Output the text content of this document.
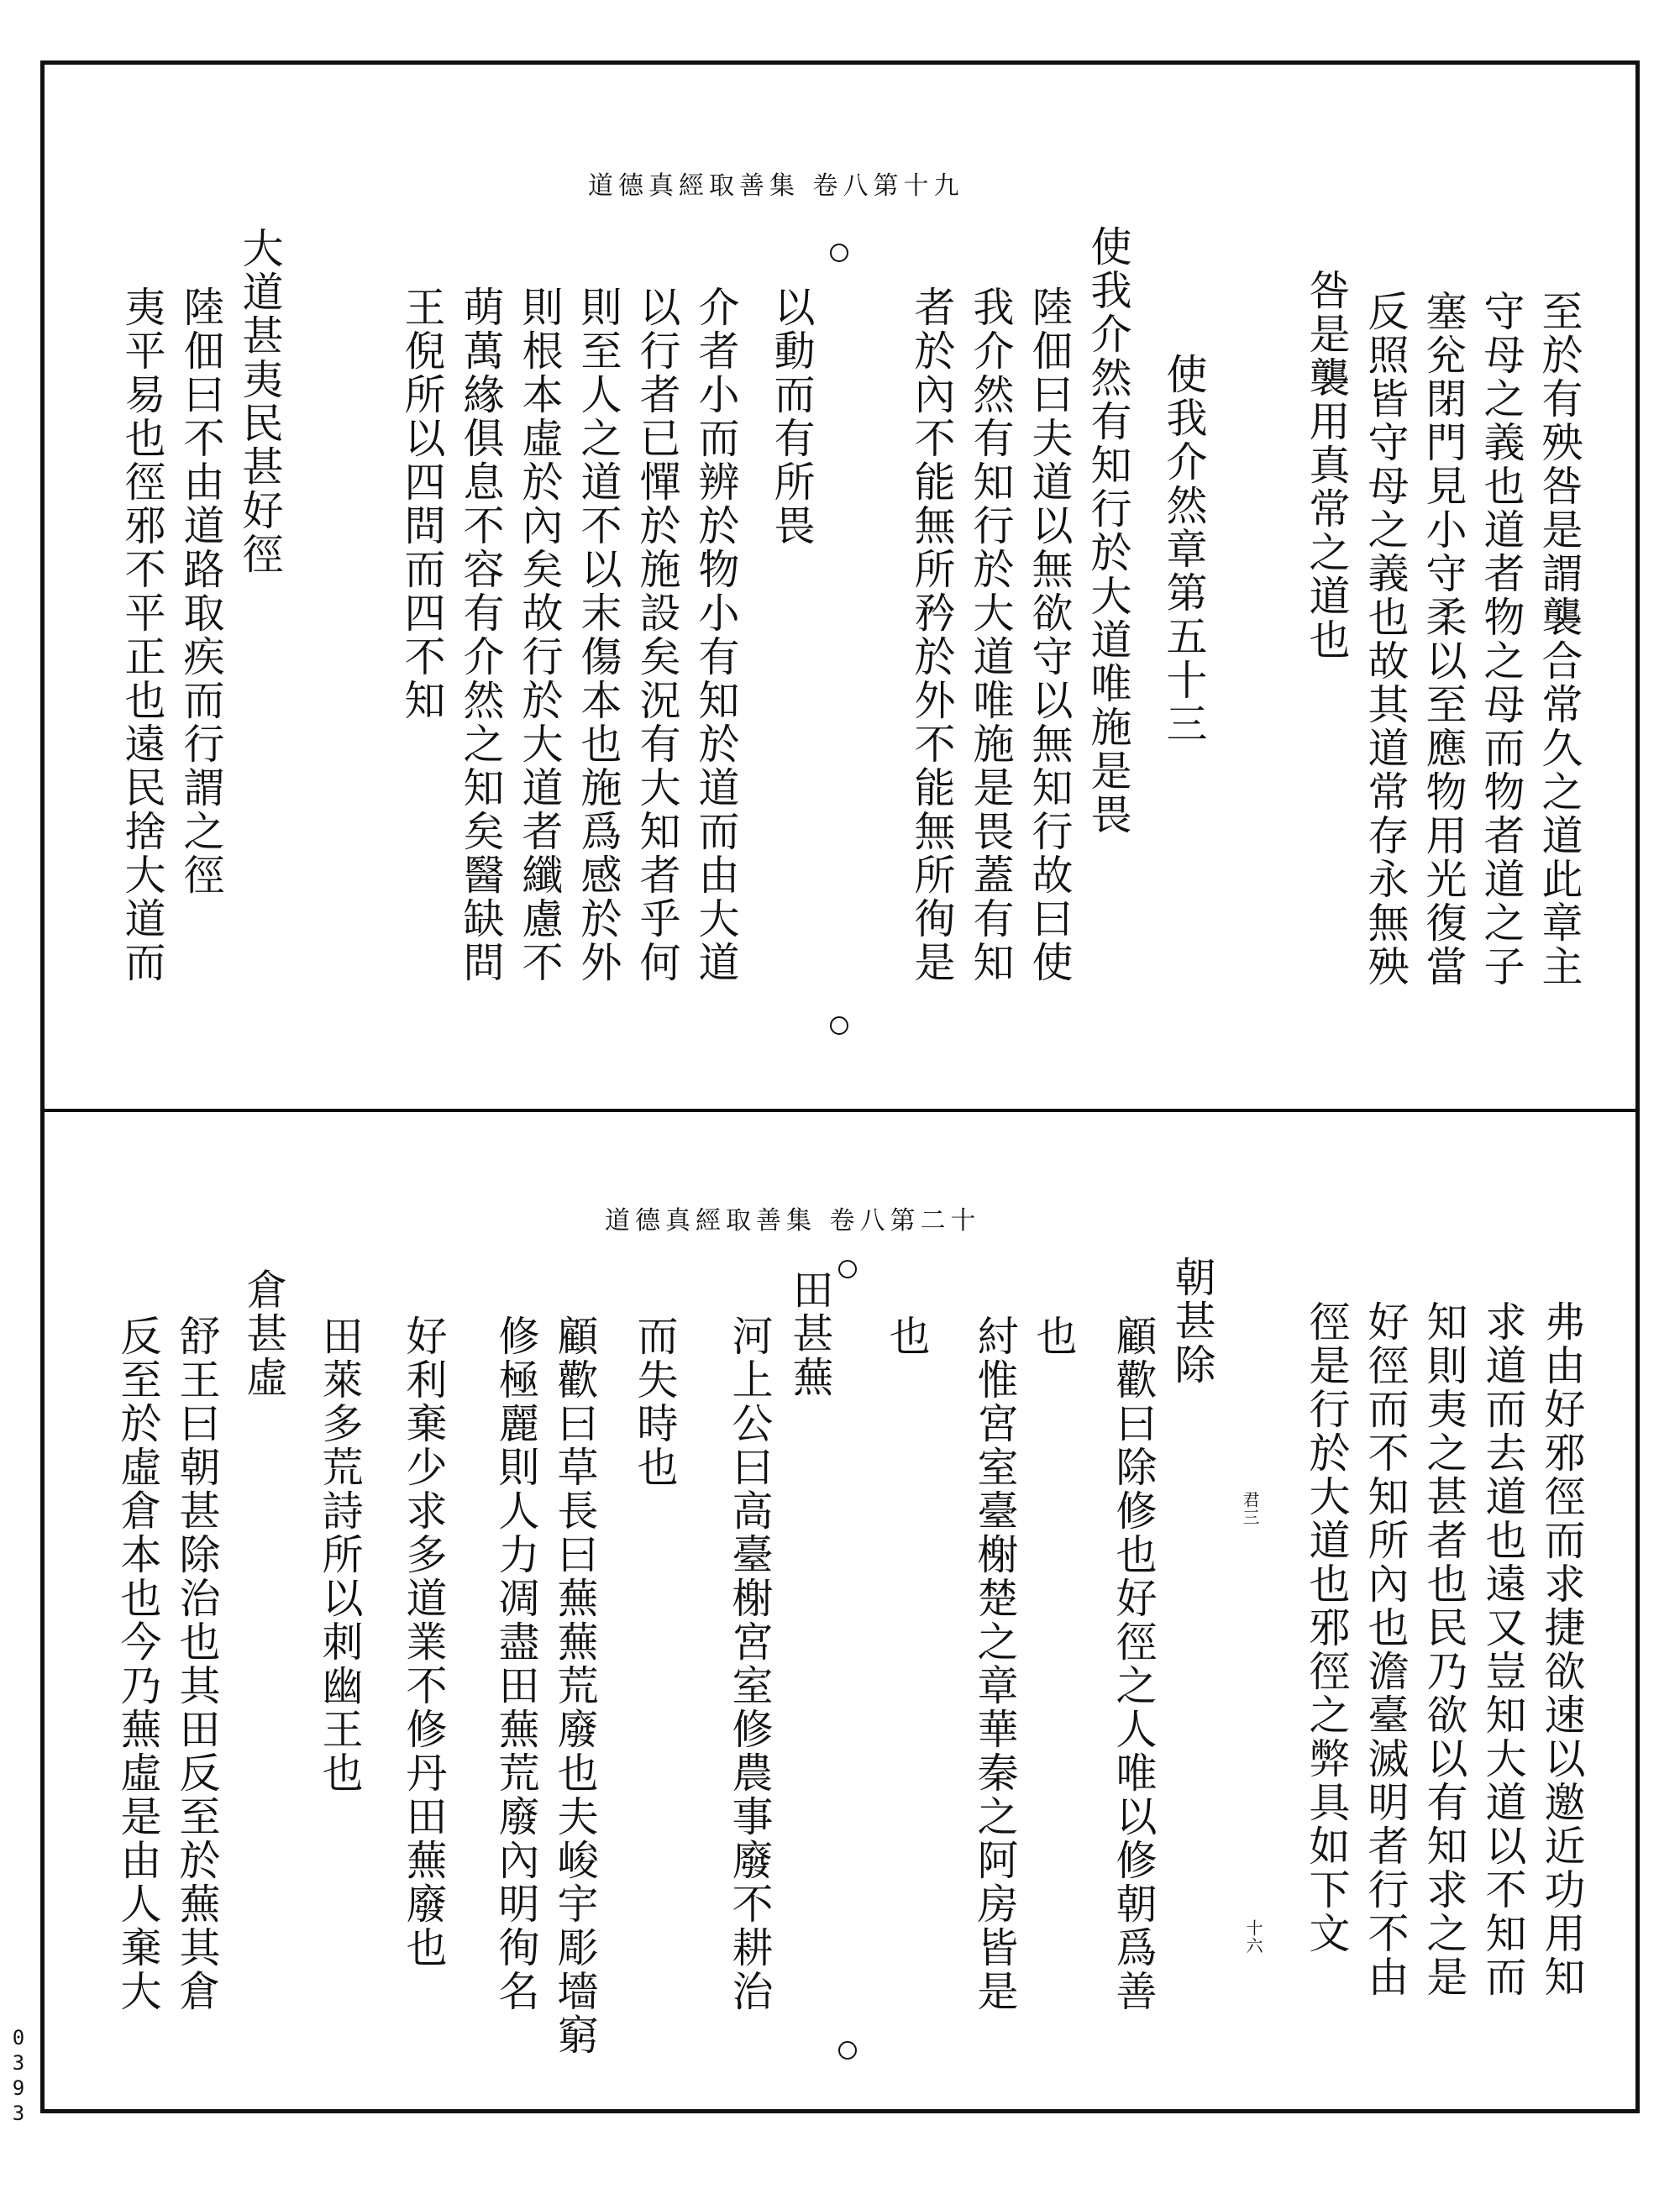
道德真經取善集 卷八第十九
至於有殃咎是謂襲合常久之道此章主
守母之義也道者物之母而物者道之子
塞兊閉門見小守柔以至應物用光復當
反照皆守母之義也故其道常存永無殃
咎是襲用真常之道也
使我介然章第五十三
使我介然有知行於大道唯施是畏
陸佃曰夫道以無欲守以無知行故曰使
我介然有知行於大道唯施是畏蓋有知
者於內不能無所矜於外不能無所徇是
以動而有所畏
介者小而辨於物小有知於道而由大道
以行者已憚於施設矣況有大知者乎何
則至人之道不以末傷本也施爲感於外
則根本虛於內矣故行於大道者纖慮不
萌萬緣俱息不容有介然之知矣醫缺問
王倪所以四問而四不知
大道甚夷民甚好徑
陸佃曰不由道路取疾而行謂之徑
夷平易也徑邪不平正也遠民捨大道而
道德真經取善集 卷八第二十
弗由好邪徑而求捷欲速以邀近功用知
求道而去道也遠又豈知大道以不知而
知則夷之甚者也民乃欲以有知求之是
好徑而不知所內也澹臺滅明者行不由
徑是行於大道也邪徑之弊具如下文
朝甚除
顧歡曰除修也好徑之人唯以修朝爲善
也
紂惟宮室臺榭楚之章華秦之阿房皆是
也
田甚蕪
河上公曰高臺榭宮室修農事廢不耕治
而失時也
顧歡曰草長曰蕪蕪荒廢也夫峻宇彫墻窮
修極麗則人力凋盡田蕪荒廢內明徇名
好利棄少求多道業不修丹田蕪廢也
田萊多荒詩所以刺幽王也
倉甚虛
舒王曰朝甚除治也其田反至於蕪其倉
反至於虛倉本也今乃蕪虛是由人棄大	君三
十六
0393
